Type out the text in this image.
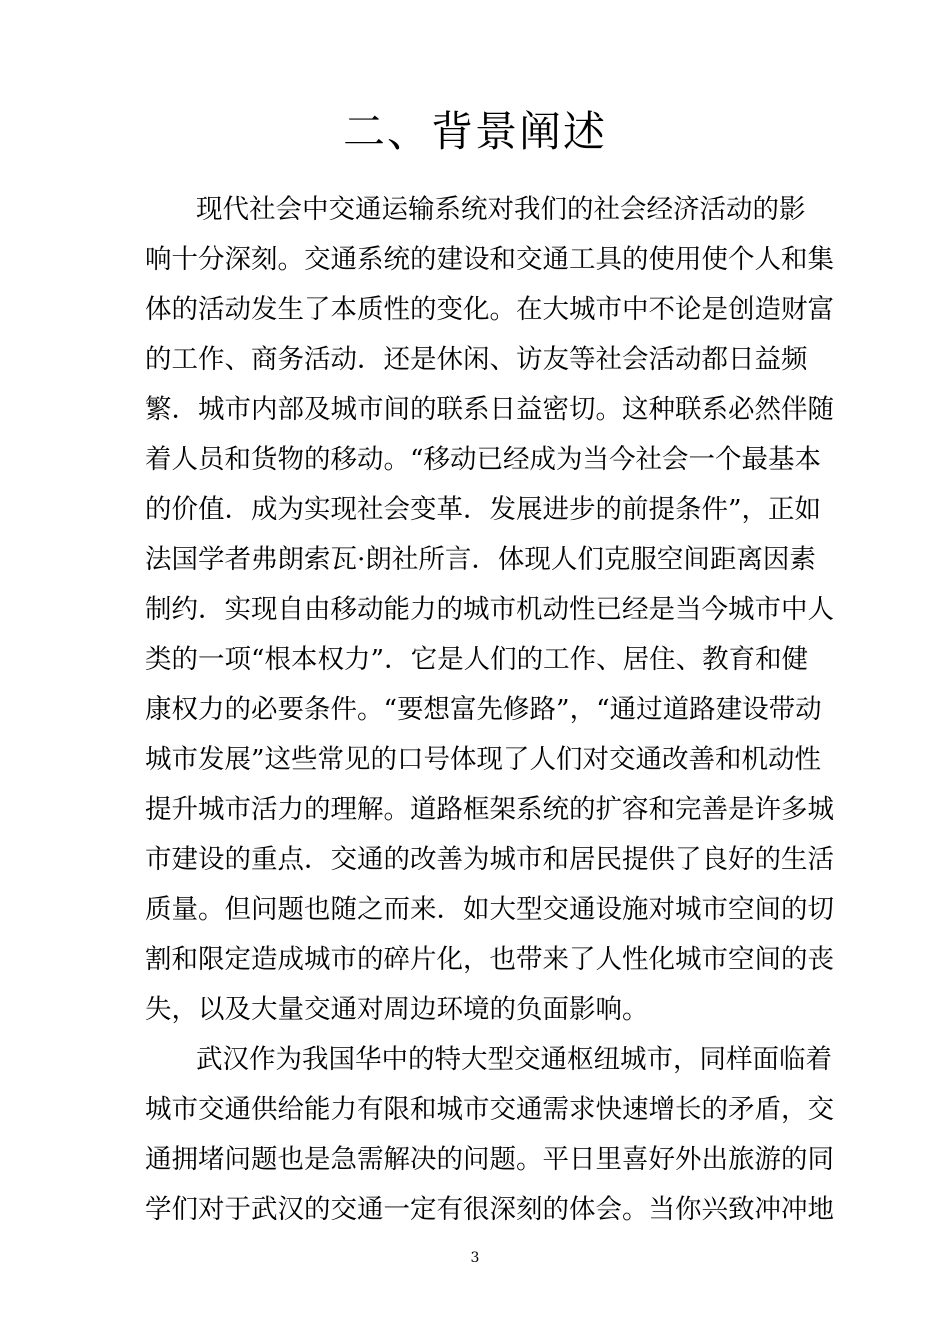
二、背景阐述
现代社会中交通运输系统对我们的社会经济活动的影
响十分深刻。交通系统的建设和交通工具的使用使个人和集
体的活动发生了本质性的变化。在大城市中不论是创造财富
的工作、商务活动．还是休闲、访友等社会活动都日益频
繁．城市内部及城市间的联系日益密切。这种联系必然伴随
着人员和货物的移动。“移动已经成为当今社会一个最基本
的价值．成为实现社会变革．发展进步的前提条件”，正如
法国学者弗朗索瓦·朗社所言．体现人们克服空间距离因素
制约．实现自由移动能力的城市机动性已经是当今城市中人
类的一项“根本权力”．它是人们的工作、居住、教育和健
康权力的必要条件。“要想富先修路”，“通过道路建设带动
城市发展”这些常见的口号体现了人们对交通改善和机动性
提升城市活力的理解。道路框架系统的扩容和完善是许多城
市建设的重点．交通的改善为城市和居民提供了良好的生活
质量。但问题也随之而来．如大型交通设施对城市空间的切
割和限定造成城市的碎片化，也带来了人性化城市空间的丧
失，以及大量交通对周边环境的负面影响。
武汉作为我国华中的特大型交通枢纽城市，同样面临着
城市交通供给能力有限和城市交通需求快速增长的矛盾，交
通拥堵问题也是急需解决的问题。平日里喜好外出旅游的同
学们对于武汉的交通一定有很深刻的体会。当你兴致冲冲地
3
